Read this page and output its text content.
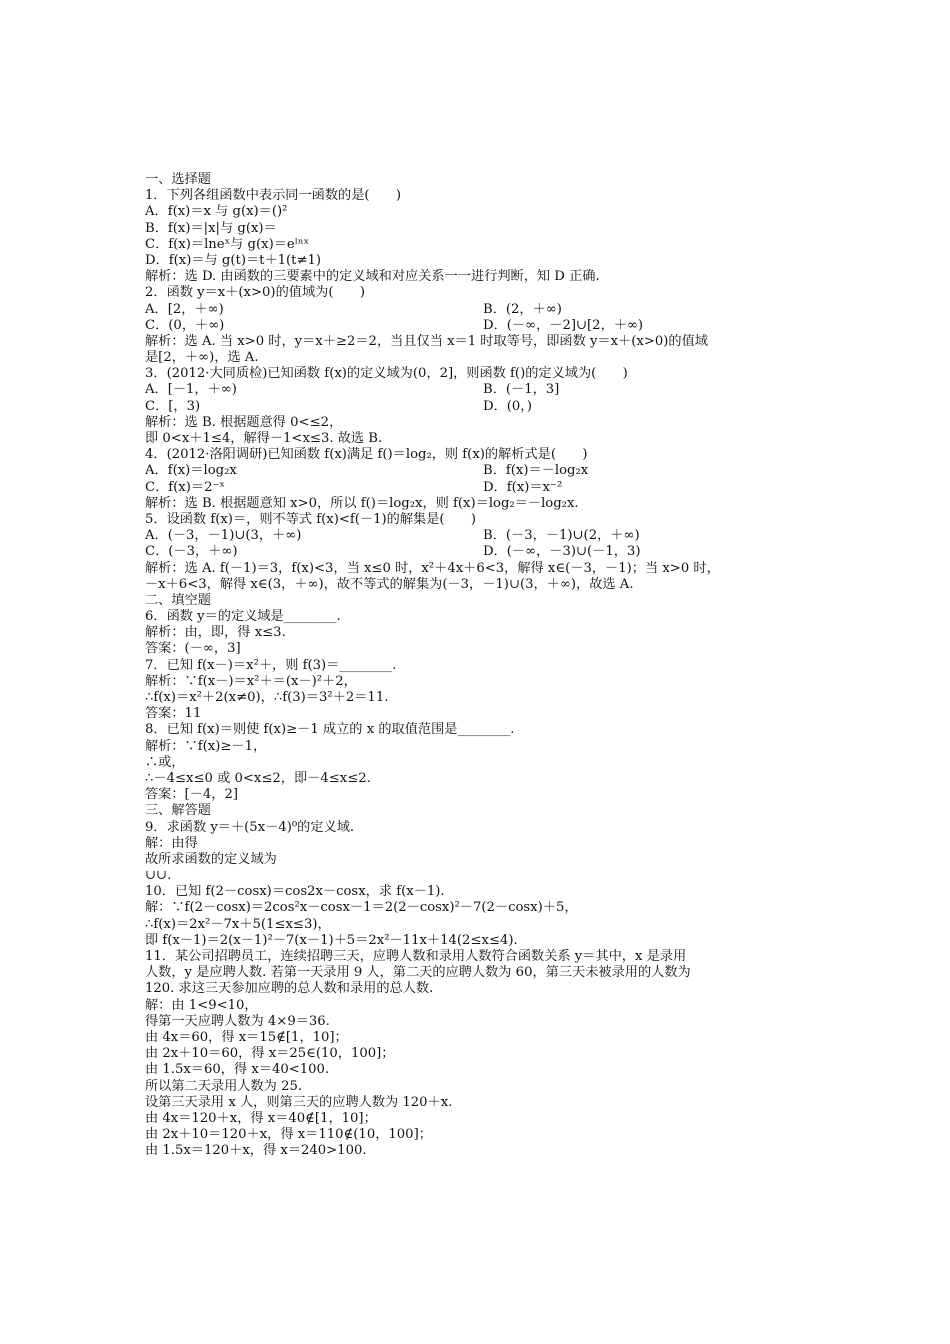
一、选择题
1．下列各组函数中表示同一函数的是(　　)
A．f(x)＝x 与 g(x)＝()²
B．f(x)＝|x|与 g(x)＝
C．f(x)＝lneˣ与 g(x)＝eˡⁿˣ
D．f(x)＝与 g(t)＝t＋1(t≠1)
解析：选 D. 由函数的三要素中的定义域和对应关系一一进行判断，知 D 正确.
2．函数 y＝x＋(x>0)的值域为(　　)
A．[2，＋∞)	B．(2，＋∞)
C．(0，＋∞)	D．(－∞，－2]∪[2，＋∞)
解析：选 A. 当 x>0 时，y＝x＋≥2＝2，当且仅当 x＝1 时取等号，即函数 y＝x＋(x>0)的值域
是[2，＋∞)，选 A.
3．(2012·大同质检)已知函数 f(x)的定义域为(0，2]，则函数 f()的定义域为(　　)
A．[－1，＋∞)	B．(－1，3]
C．[，3)	D．(0，)
解析：选 B. 根据题意得 0<≤2，
即 0<x＋1≤4，解得－1<x≤3. 故选 B.
4．(2012·洛阳调研)已知函数 f(x)满足 f()＝log₂，则 f(x)的解析式是(　　)
A．f(x)＝log₂x	B．f(x)＝－log₂x
C．f(x)＝2⁻ˣ	D．f(x)＝x⁻²
解析：选 B. 根据题意知 x>0，所以 f()＝log₂x，则 f(x)＝log₂＝－log₂x.
5．设函数 f(x)＝，则不等式 f(x)<f(－1)的解集是(　　)
A．(－3，－1)∪(3，＋∞)	B．(－3，－1)∪(2，＋∞)
C．(－3，＋∞)	D．(－∞，－3)∪(－1，3)
解析：选 A. f(－1)＝3，f(x)<3，当 x≤0 时，x²＋4x＋6<3，解得 x∈(－3，－1)；当 x>0 时，
－x＋6<3，解得 x∈(3，＋∞)，故不等式的解集为(－3，－1)∪(3，＋∞)，故选 A.
二、填空题
6．函数 y＝的定义域是________.
解析：由，即，得 x≤3.
答案：(－∞，3]
7．已知 f(x－)＝x²＋，则 f(3)＝________.
解析：∵f(x－)＝x²＋＝(x－)²＋2，
∴f(x)＝x²＋2(x≠0)，∴f(3)＝3²＋2＝11.
答案：11
8．已知 f(x)＝则使 f(x)≥－1 成立的 x 的取值范围是________.
解析：∵f(x)≥－1，
∴或，
∴－4≤x≤0 或 0<x≤2，即－4≤x≤2.
答案：[－4，2]
三、解答题
9．求函数 y＝＋(5x－4)⁰的定义域.
解：由得
故所求函数的定义域为
∪∪.
10．已知 f(2－cosx)＝cos2x－cosx，求 f(x－1).
解：∵f(2－cosx)＝2cos²x－cosx－1＝2(2－cosx)²－7(2－cosx)＋5，
∴f(x)＝2x²－7x＋5(1≤x≤3)，
即 f(x－1)＝2(x－1)²－7(x－1)＋5＝2x²－11x＋14(2≤x≤4).
11．某公司招聘员工，连续招聘三天，应聘人数和录用人数符合函数关系 y＝其中，x 是录用
人数，y 是应聘人数. 若第一天录用 9 人，第二天的应聘人数为 60，第三天未被录用的人数为
120. 求这三天参加应聘的总人数和录用的总人数.
解：由 1<9<10，
得第一天应聘人数为 4×9＝36.
由 4x＝60，得 x＝15∉[1，10]；
由 2x＋10＝60，得 x＝25∈(10，100]；
由 1.5x＝60，得 x＝40<100.
所以第二天录用人数为 25.
设第三天录用 x 人，则第三天的应聘人数为 120＋x.
由 4x＝120＋x，得 x＝40∉[1，10]；
由 2x＋10＝120＋x，得 x＝110∉(10，100]；
由 1.5x＝120＋x，得 x＝240>100.
